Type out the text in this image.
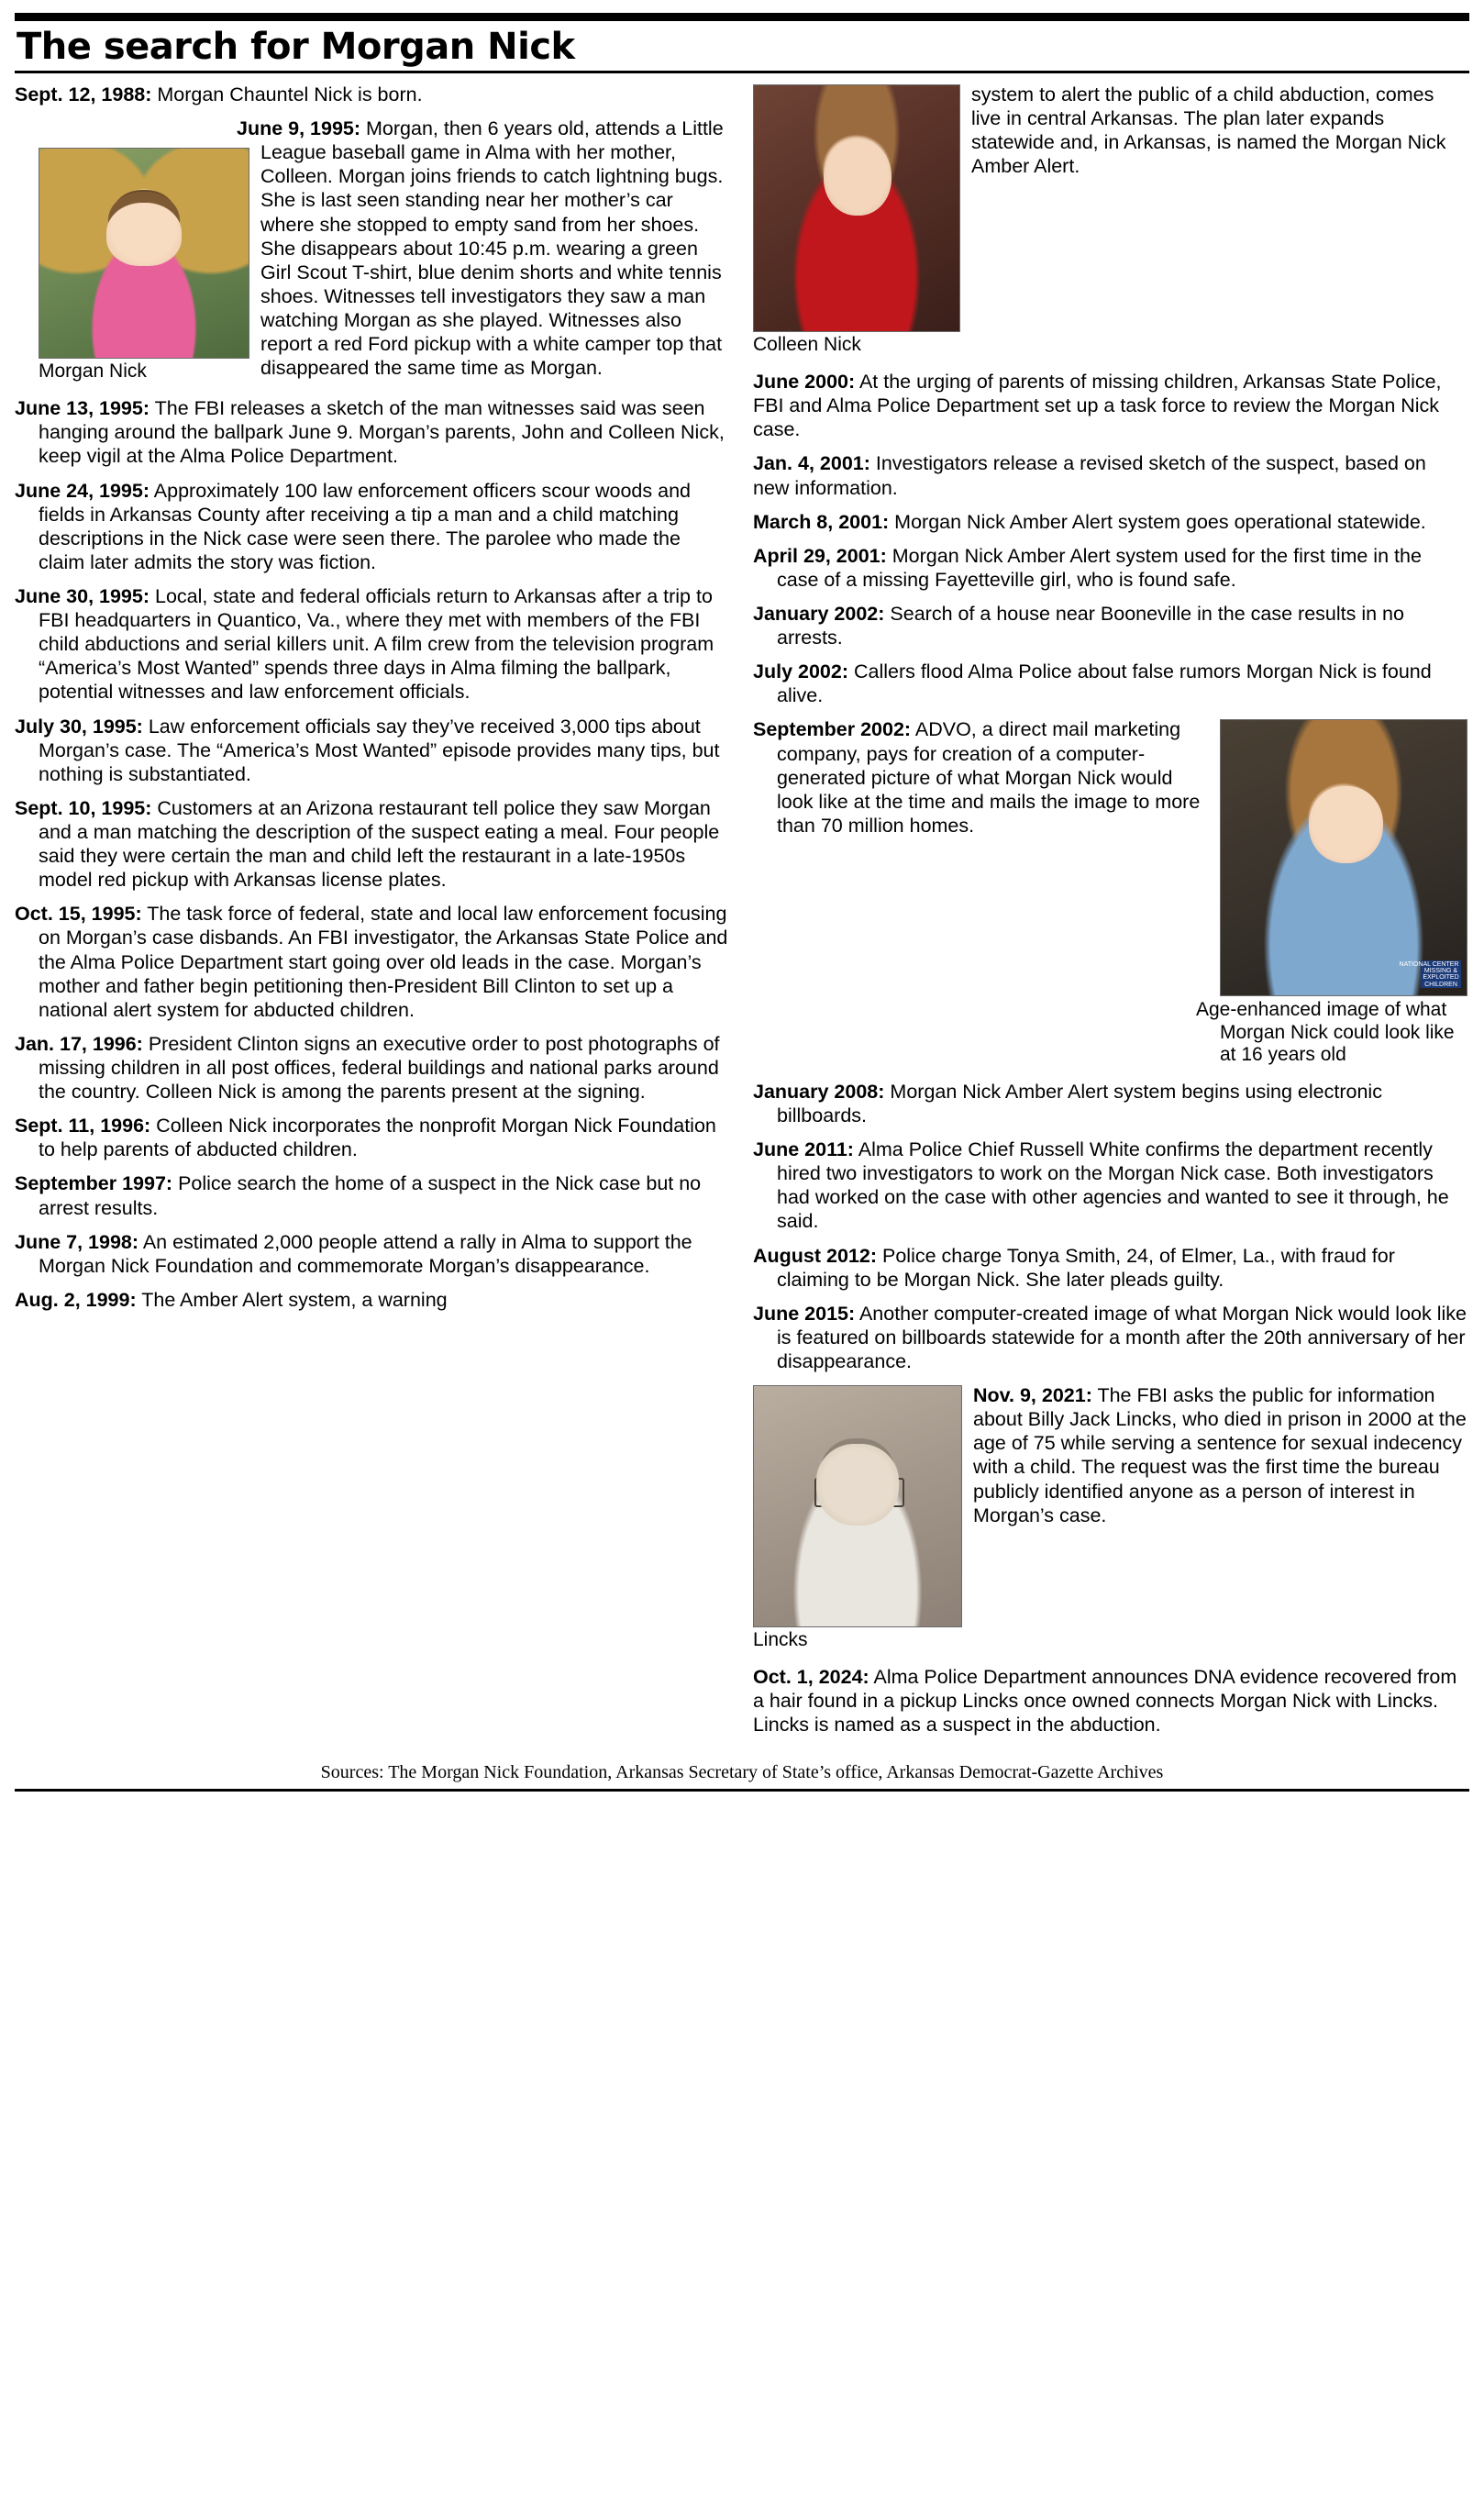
The search for Morgan Nick

Sept. 12, 1988: Morgan Chauntel Nick is born.

Morgan Nick
June 9, 1995: Morgan, then 6 years old, attends a Little League baseball game in Alma with her mother, Colleen. Morgan joins friends to catch lightning bugs. She is last seen standing near her mother’s car where she stopped to empty sand from her shoes. She disappears about 10:45 p.m. wearing a green Girl Scout T-shirt, blue denim shorts and white tennis shoes. Witnesses tell investigators they saw a man watching Morgan as she played. Witnesses also report a red Ford pickup with a white camper top that disappeared the same time as Morgan.

June 13, 1995: The FBI releases a sketch of the man witnesses said was seen hanging around the ballpark June 9. Morgan’s parents, John and Colleen Nick, keep vigil at the Alma Police Department.

June 24, 1995: Approximately 100 law enforcement officers scour woods and fields in Arkansas County after receiving a tip a man and a child matching descriptions in the Nick case were seen there. The parolee who made the claim later admits the story was fiction.

June 30, 1995: Local, state and federal officials return to Arkansas after a trip to FBI headquarters in Quantico, Va., where they met with members of the FBI child abductions and serial killers unit. A film crew from the television program “America’s Most Wanted” spends three days in Alma filming the ballpark, potential witnesses and law enforcement officials.

July 30, 1995: Law enforcement officials say they’ve received 3,000 tips about Morgan’s case. The “America’s Most Wanted” episode provides many tips, but nothing is substantiated.

Sept. 10, 1995: Customers at an Arizona restaurant tell police they saw Morgan and a man matching the description of the suspect eating a meal. Four people said they were certain the man and child left the restaurant in a late-1950s model red pickup with Arkansas license plates.

Oct. 15, 1995: The task force of federal, state and local law enforcement focusing on Morgan’s case disbands. An FBI investigator, the Arkansas State Police and the Alma Police Department start going over old leads in the case. Morgan’s mother and father begin petitioning then-President Bill Clinton to set up a national alert system for abducted children.

Jan. 17, 1996: President Clinton signs an executive order to post photographs of missing children in all post offices, federal buildings and national parks around the country. Colleen Nick is among the parents present at the signing.

Sept. 11, 1996: Colleen Nick incorporates the nonprofit Morgan Nick Foundation to help parents of abducted children.

September 1997: Police search the home of a suspect in the Nick case but no arrest results.

June 7, 1998: An estimated 2,000 people attend a rally in Alma to support the Morgan Nick Foundation and commemorate Morgan’s disappearance.

Aug. 2, 1999: The Amber Alert system, a warning

Colleen Nick
system to alert the public of a child abduction, comes live in central Arkansas. The plan later expands statewide and, in Arkansas, is named the Morgan Nick Amber Alert.

June 2000: At the urging of parents of missing children, Arkansas State Police, FBI and Alma Police Department set up a task force to review the Morgan Nick case.

Jan. 4, 2001: Investigators release a revised sketch of the suspect, based on new information.

March 8, 2001: Morgan Nick Amber Alert system goes operational statewide.

April 29, 2001: Morgan Nick Amber Alert system used for the first time in the case of a missing Fayetteville girl, who is found safe.

January 2002: Search of a house near Booneville in the case results in no arrests.

July 2002: Callers flood Alma Police about false rumors Morgan Nick is found alive.

NATIONAL CENTER MISSING & EXPLOITED CHILDREN
Age-enhanced image of what Morgan Nick could look like at 16 years old
September 2002: ADVO, a direct mail marketing company, pays for creation of a computer-generated picture of what Morgan Nick would look like at the time and mails the image to more than 70 million homes.

January 2008: Morgan Nick Amber Alert system begins using electronic billboards.

June 2011: Alma Police Chief Russell White confirms the department recently hired two investigators to work on the Morgan Nick case. Both investigators had worked on the case with other agencies and wanted to see it through, he said.

August 2012: Police charge Tonya Smith, 24, of Elmer, La., with fraud for claiming to be Morgan Nick. She later pleads guilty.

June 2015: Another computer-created image of what Morgan Nick would look like is featured on billboards statewide for a month after the 20th anniversary of her disappearance.

Lincks
Nov. 9, 2021: The FBI asks the public for information about Billy Jack Lincks, who died in prison in 2000 at the age of 75 while serving a sentence for sexual indecency with a child. The request was the first time the bureau publicly identified anyone as a person of interest in Morgan’s case.

Oct. 1, 2024: Alma Police Department announces DNA evidence recovered from a hair found in a pickup Lincks once owned connects Morgan Nick with Lincks. Lincks is named as a suspect in the abduction.

Sources: The Morgan Nick Foundation, Arkansas Secretary of State’s office, Arkansas Democrat-Gazette Archives
